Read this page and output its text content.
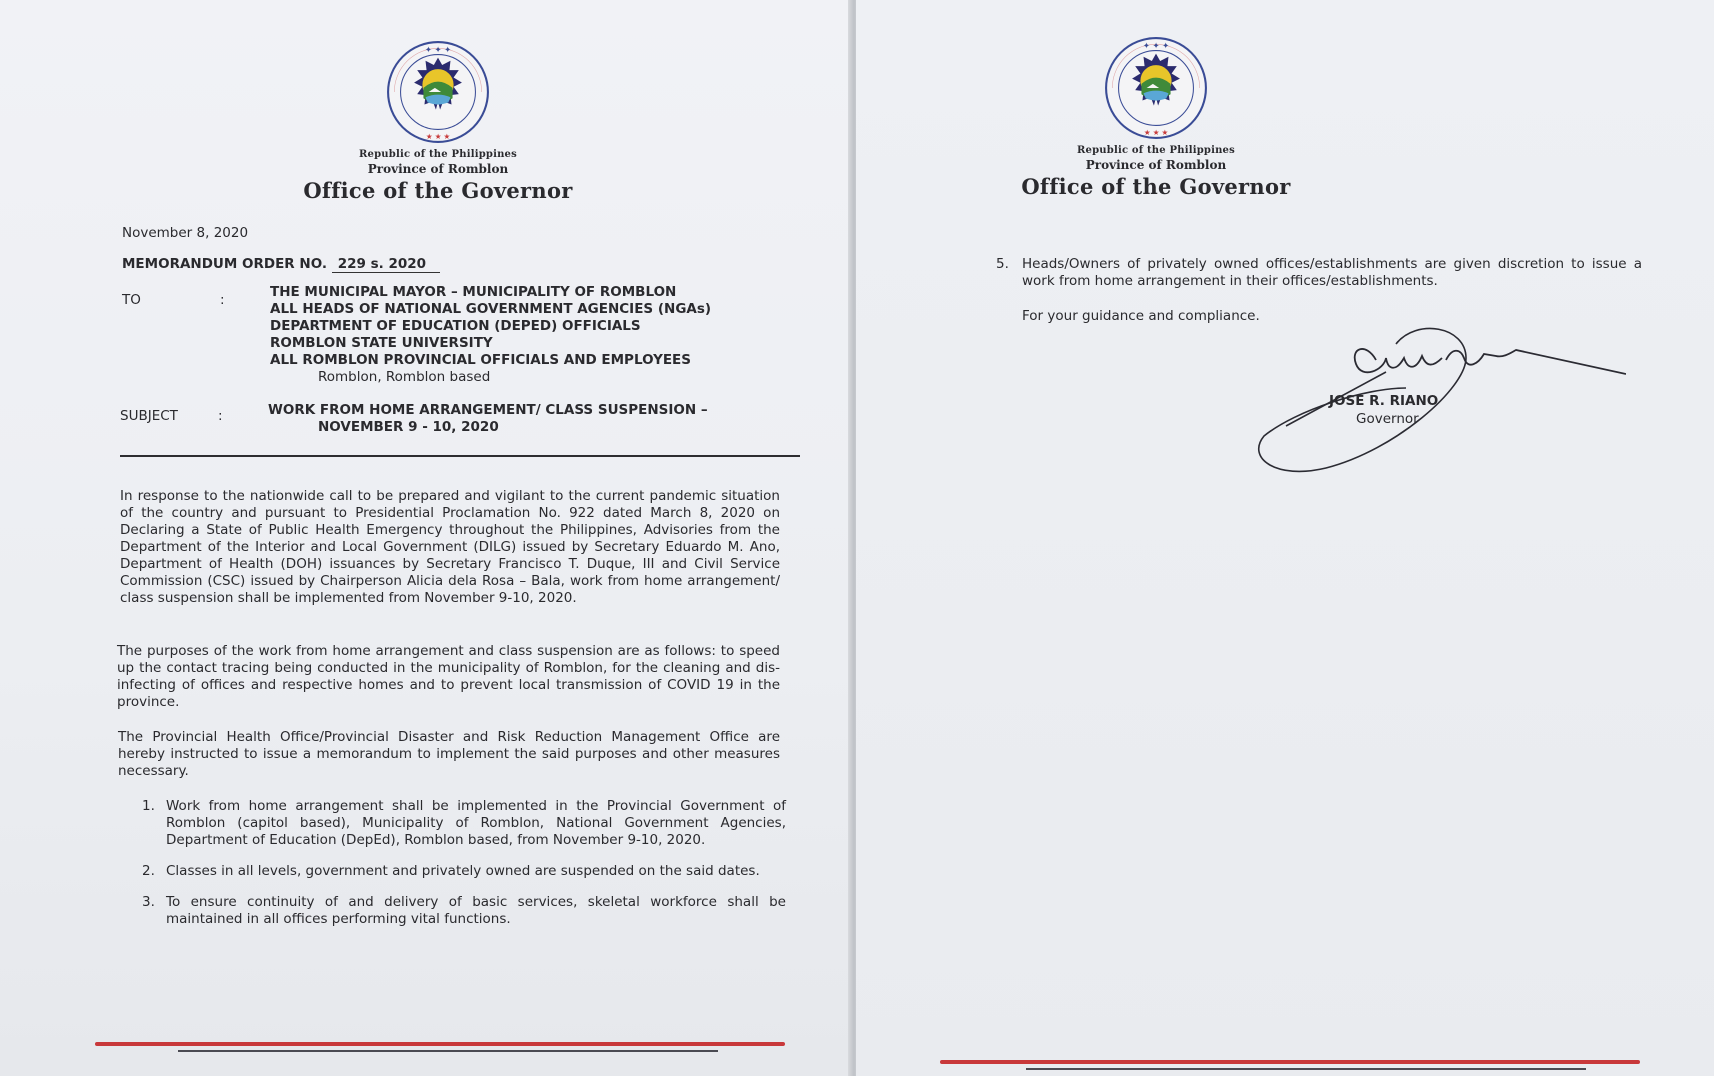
Republic of the Philippines
Province of Romblon
Office of the Governor
November 8, 2020
MEMORANDUM ORDER NO. 229 s. 2020
TO	:	THE MUNICIPAL MAYOR – MUNICIPALITY OF ROMBLON
ALL HEADS OF NATIONAL GOVERNMENT AGENCIES (NGAs)
DEPARTMENT OF EDUCATION (DEPED) OFFICIALS
ROMBLON STATE UNIVERSITY
ALL ROMBLON PROVINCIAL OFFICIALS AND EMPLOYEES
Romblon, Romblon based
SUBJECT	:	WORK FROM HOME ARRANGEMENT/ CLASS SUSPENSION –
NOVEMBER 9 - 10, 2020
In response to the nationwide call to be prepared and vigilant to the current pandemic situation of the country and pursuant to Presidential Proclamation No. 922 dated March 8, 2020 on Declaring a State of Public Health Emergency throughout the Philippines, Advisories from the Department of the Interior and Local Government (DILG) issued by Secretary Eduardo M. Ano, Department of Health (DOH) issuances by Secretary Francisco T. Duque, III and Civil Service Commission (CSC) issued by Chairperson Alicia dela Rosa – Bala, work from home arrangement/ class suspension shall be implemented from November 9-10, 2020.
The purposes of the work from home arrangement and class suspension are as follows: to speed up the contact tracing being conducted in the municipality of Romblon, for the cleaning and dis-infecting of offices and respective homes and to prevent local transmission of COVID 19 in the province.
The Provincial Health Office/Provincial Disaster and Risk Reduction Management Office are hereby instructed to issue a memorandum to implement the said purposes and other measures necessary.
1. Work from home arrangement shall be implemented in the Provincial Government of Romblon (capitol based), Municipality of Romblon, National Government Agencies, Department of Education (DepEd), Romblon based, from November 9-10, 2020.
2. Classes in all levels, government and privately owned are suspended on the said dates.
3. To ensure continuity of and delivery of basic services, skeletal workforce shall be maintained in all offices performing vital functions.
Republic of the Philippines
Province of Romblon
Office of the Governor
5. Heads/Owners of privately owned offices/establishments are given discretion to issue a work from home arrangement in their offices/establishments.
For your guidance and compliance.
JOSE R. RIANO
Governor
